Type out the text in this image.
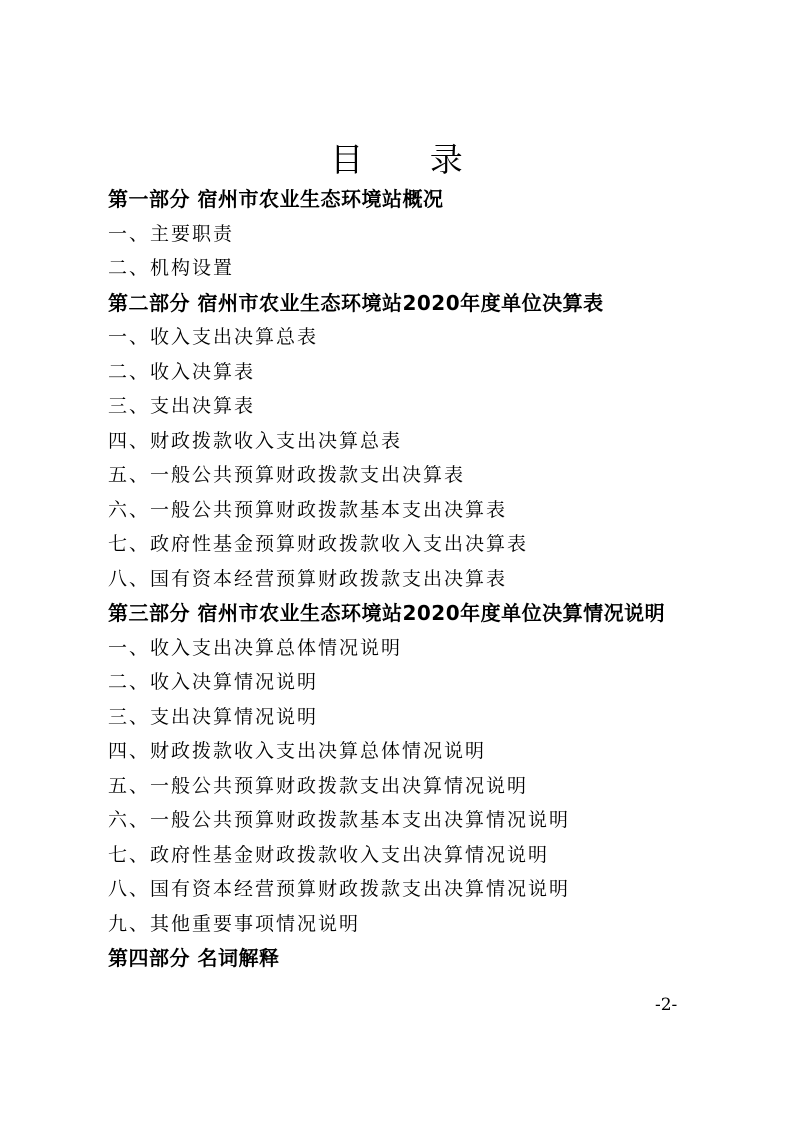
目 录
第一部分 宿州市农业生态环境站概况
一、主要职责
二、机构设置
第二部分 宿州市农业生态环境站2020年度单位决算表
一、收入支出决算总表
二、收入决算表
三、支出决算表
四、财政拨款收入支出决算总表
五、一般公共预算财政拨款支出决算表
六、一般公共预算财政拨款基本支出决算表
七、政府性基金预算财政拨款收入支出决算表
八、国有资本经营预算财政拨款支出决算表
第三部分 宿州市农业生态环境站2020年度单位决算情况说明
一、收入支出决算总体情况说明
二、收入决算情况说明
三、支出决算情况说明
四、财政拨款收入支出决算总体情况说明
五、一般公共预算财政拨款支出决算情况说明
六、一般公共预算财政拨款基本支出决算情况说明
七、政府性基金财政拨款收入支出决算情况说明
八、国有资本经营预算财政拨款支出决算情况说明
九、其他重要事项情况说明
第四部分 名词解释
-2-
